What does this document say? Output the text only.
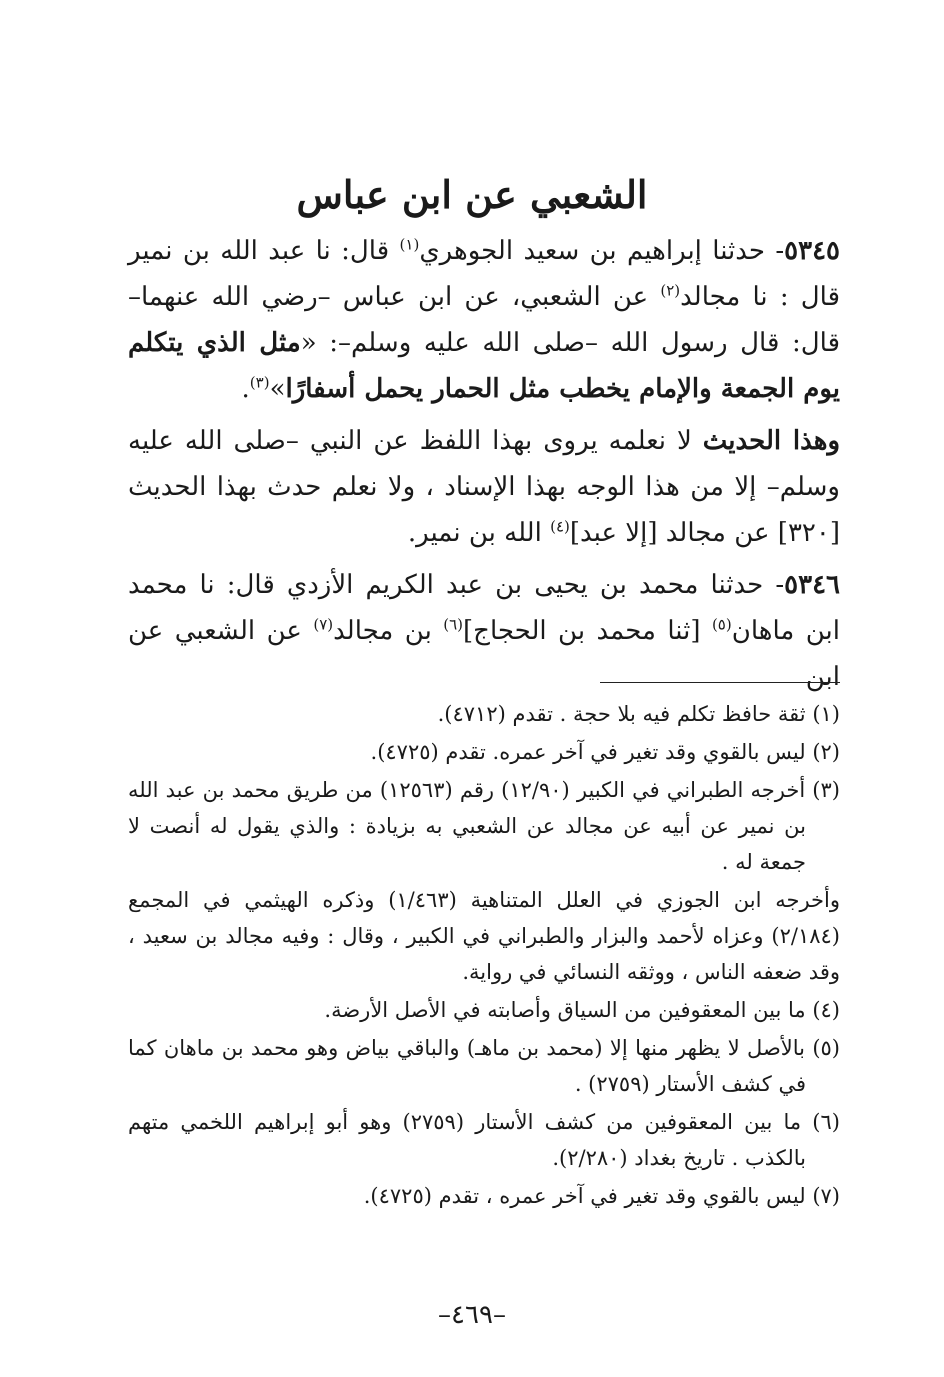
الشعبي عن ابن عباس

٥٣٤٥- حدثنا إبراهيم بن سعيد الجوهري$^{(١)}$ قال: نا عبد الله بن نمير قال : نا مجالد$^{(٢)}$ عن الشعبي، عن ابن عباس –رضي الله عنهما– قال: قال رسول الله –صلى الله عليه وسلم–: «مثل الذي يتكلم يوم الجمعة والإمام يخطب مثل الحمار يحمل أسفارًا»$^{(٣)}$.

وهذا الحديث لا نعلمه يروى بهذا اللفظ عن النبي –صلى الله عليه وسلم– إلا من هذا الوجه بهذا الإسناد ، ولا نعلم حدث بهذا الحديث [٣٢٠] عن مجالد [إلا عبد]$^{(٤)}$ الله بن نمير.

٥٣٤٦- حدثنا محمد بن يحيى بن عبد الكريم الأزدي قال: نا محمد ابن ماهان$^{(٥)}$ [ثنا محمد بن الحجاج]$^{(٦)}$ بن مجالد$^{(٧)}$ عن الشعبي عن ابن

(١) ثقة حافظ تكلم فيه بلا حجة . تقدم (٤٧١٢).

(٢) ليس بالقوي وقد تغير في آخر عمره. تقدم (٤٧٢٥).

(٣) أخرجه الطبراني في الكبير (١٢/٩٠) رقم (١٢٥٦٣) من طريق محمد بن عبد الله بن نمير عن أبيه عن مجالد عن الشعبي به بزيادة : والذي يقول له أنصت لا جمعة له .

وأخرجه ابن الجوزي في العلل المتناهية (١/٤٦٣) وذكره الهيثمي في المجمع (٢/١٨٤) وعزاه لأحمد والبزار والطبراني في الكبير ، وقال : وفيه مجالد بن سعيد ، وقد ضعفه الناس ، ووثقه النسائي في رواية.

(٤) ما بين المعقوفين من السياق وأصابته في الأصل الأرضة.

(٥) بالأصل لا يظهر منها إلا (محمد بن ماهـ) والباقي بياض وهو محمد بن ماهان كما في كشف الأستار (٢٧٥٩) .

(٦) ما بين المعقوفين من كشف الأستار (٢٧٥٩) وهو أبو إبراهيم اللخمي متهم بالكذب . تاريخ بغداد (٢/٢٨٠).

(٧) ليس بالقوي وقد تغير في آخر عمره ، تقدم (٤٧٢٥).

–٤٦٩–
